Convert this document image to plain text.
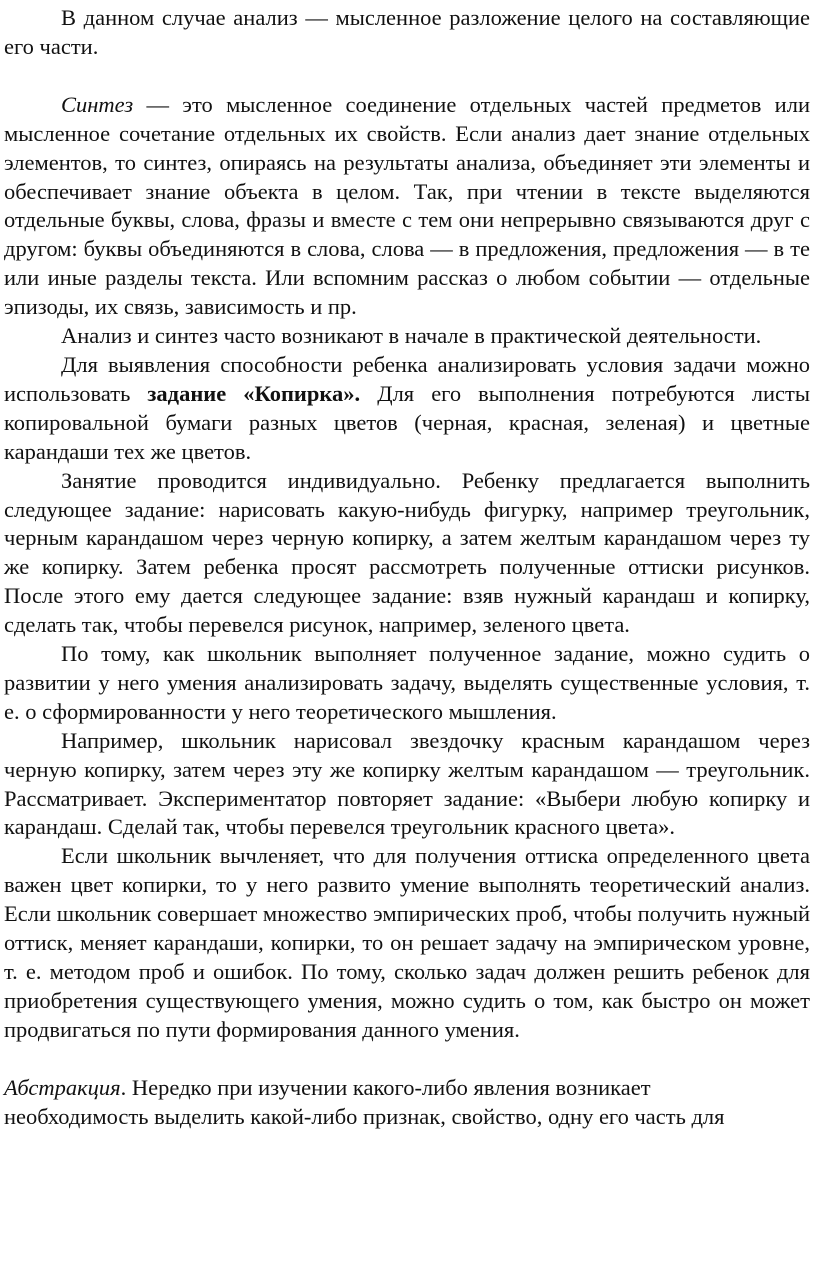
В данном случае анализ — мысленное разложение целого на составляющие его части.

Синтез — это мысленное соединение отдельных частей предметов или мысленное сочетание отдельных их свойств. Если анализ дает знание отдельных элементов, то синтез, опираясь на результаты анализа, объединяет эти элементы и обеспечивает знание объекта в целом. Так, при чтении в тексте выделяются отдельные буквы, слова, фразы и вместе с тем они непрерывно связываются друг с другом: буквы объединяются в слова, слова — в предложения, предложения — в те или иные разделы текста. Или вспомним рассказ о любом событии — отдельные эпизоды, их связь, зависимость и пр.

Анализ и синтез часто возникают в начале в практической деятельности.

Для выявления способности ребенка анализировать условия задачи можно использовать задание «Копирка». Для его выполнения потребуются листы копировальной бумаги разных цветов (черная, красная, зеленая) и цветные карандаши тех же цветов.

Занятие проводится индивидуально. Ребенку предлагается выполнить следующее задание: нарисовать какую-нибудь фигурку, например треугольник, черным карандашом через черную копирку, а затем желтым карандашом через ту же копирку. Затем ребенка просят рассмотреть полученные оттиски рисунков. После этого ему дается следующее задание: взяв нужный карандаш и копирку, сделать так, чтобы перевелся рисунок, например, зеленого цвета.

По тому, как школьник выполняет полученное задание, можно судить о развитии у него умения анализировать задачу, выделять существенные условия, т. е. о сформированности у него теоретического мышления.

Например, школьник нарисовал звездочку красным карандашом через черную копирку, затем через эту же копирку желтым карандашом — треугольник. Рассматривает. Экспериментатор повторяет задание: «Выбери любую копирку и карандаш. Сделай так, чтобы перевелся треугольник красного цвета».

Если школьник вычленяет, что для получения оттиска определенного цвета важен цвет копирки, то у него развито умение выполнять теоретический анализ. Если школьник совершает множество эмпирических проб, чтобы получить нужный оттиск, меняет карандаши, копирки, то он решает задачу на эмпирическом уровне, т. е. методом проб и ошибок. По тому, сколько задач должен решить ребенок для приобретения существующего умения, можно судить о том, как быстро он может продвигаться по пути формирования данного умения.

Абстракция. Нередко при изучении какого-либо явления возникает

необходимость выделить какой-либо признак, свойство, одну его часть для
